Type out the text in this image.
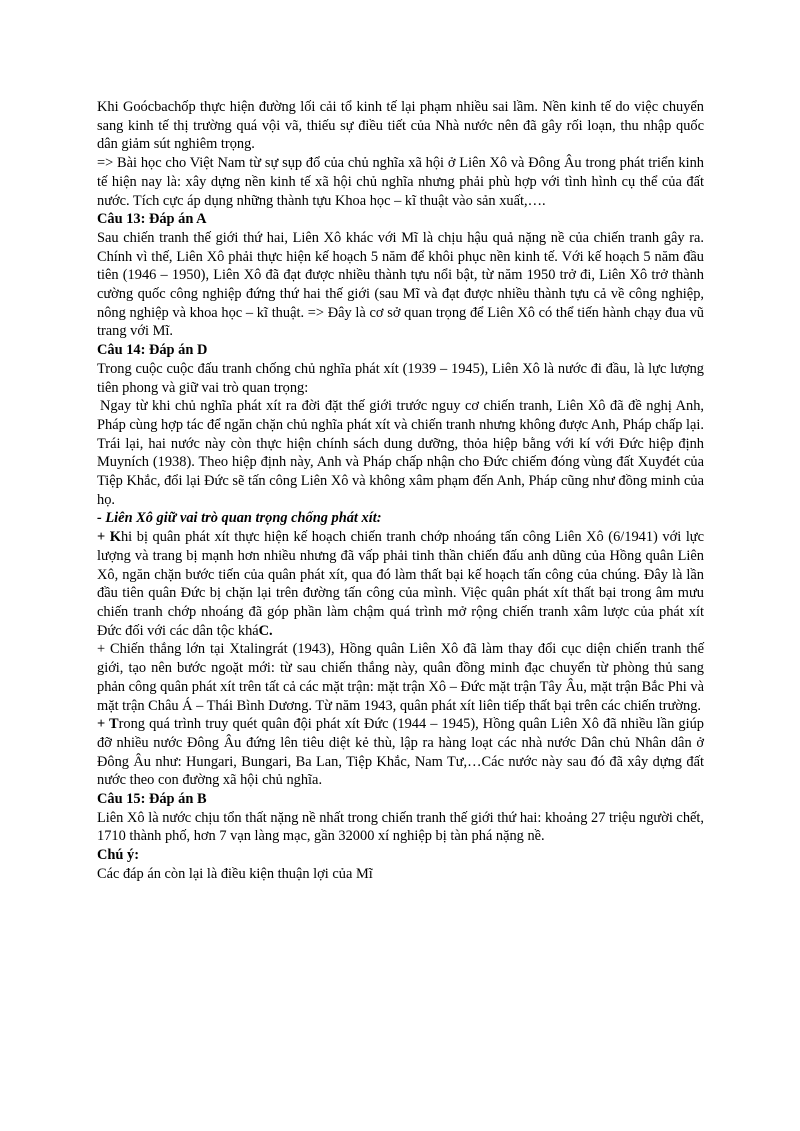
Khi Goócbachốp thực hiện đường lối cải tổ kinh tế lại phạm nhiều sai lầm. Nền kinh tế do việc chuyển sang kinh tế thị trường quá vội vã, thiếu sự điều tiết của Nhà nước nên đã gây rối loạn, thu nhập quốc dân giảm sút nghiêm trọng.

=> Bài học cho Việt Nam từ sự sụp đổ của chủ nghĩa xã hội ở Liên Xô và Đông Âu trong phát triển kinh tế hiện nay là: xây dựng nền kinh tế xã hội chủ nghĩa nhưng phải phù hợp với tình hình cụ thể của đất nước. Tích cực áp dụng những thành tựu Khoa học – kĩ thuật vào sản xuất,….

Câu 13: Đáp án A

Sau chiến tranh thế giới thứ hai, Liên Xô khác với Mĩ là chịu hậu quả nặng nề của chiến tranh gây ra. Chính vì thế, Liên Xô phải thực hiện kế hoạch 5 năm để khôi phục nền kinh tế. Với kế hoạch 5 năm đầu tiên (1946 – 1950), Liên Xô đã đạt được nhiều thành tựu nổi bật, từ năm 1950 trở đi, Liên Xô trở thành cường quốc công nghiệp đứng thứ hai thế giới (sau Mĩ và đạt được nhiều thành tựu cả về công nghiệp, nông nghiệp và khoa học – kĩ thuật. => Đây là cơ sở quan trọng để Liên Xô có thể tiến hành chạy đua vũ trang với Mĩ.

Câu 14: Đáp án D

Trong cuộc cuộc đấu tranh chống chủ nghĩa phát xít (1939 – 1945), Liên Xô là nước đi đầu, là lực lượng tiên phong và giữ vai trò quan trọng:

Ngay từ khi chủ nghĩa phát xít ra đời đặt thế giới trước nguy cơ chiến tranh, Liên Xô đã đề nghị Anh, Pháp cùng hợp tác để ngăn chặn chủ nghĩa phát xít và chiến tranh nhưng không được Anh, Pháp chấp lại. Trái lại, hai nước này còn thực hiện chính sách dung dưỡng, thỏa hiệp bằng với kí với Đức hiệp định Muyních (1938). Theo hiệp định này, Anh và Pháp chấp nhận cho Đức chiếm đóng vùng đất Xuyđét của Tiệp Khắc, đổi lại Đức sẽ tấn công Liên Xô và không xâm phạm đến Anh, Pháp cũng như đồng minh của họ.

- Liên Xô giữ vai trò quan trọng chống phát xít:

+ Khi bị quân phát xít thực hiện kế hoạch chiến tranh chớp nhoáng tấn công Liên Xô (6/1941) với lực lượng và trang bị mạnh hơn nhiều nhưng đã vấp phải tinh thần chiến đấu anh dũng của Hồng quân Liên Xô, ngăn chặn bước tiến của quân phát xít, qua đó làm thất bại kế hoạch tấn công của chúng. Đây là lần đầu tiên quân Đức bị chặn lại trên đường tấn công của mình. Việc quân phát xít thất bại trong âm mưu chiến tranh chớp nhoáng đã góp phần làm chậm quá trình mở rộng chiến tranh xâm lược của phát xít Đức đối với các dân tộc kháC.

+ Chiến thắng lớn tại Xtalingrát (1943), Hồng quân Liên Xô đã làm thay đổi cục diện chiến tranh thế giới, tạo nên bước ngoặt mới: từ sau chiến thắng này, quân đồng minh đạc chuyển từ phòng thủ sang phản công quân phát xít trên tất cả các mặt trận: mặt trận Xô – Đức mặt trận Tây Âu, mặt trận Bắc Phi và mặt trận Châu Á – Thái Bình Dương. Từ năm 1943, quân phát xít liên tiếp thất bại trên các chiến trường.

+ Trong quá trình truy quét quân đội phát xít Đức (1944 – 1945), Hồng quân Liên Xô đã nhiều lần giúp đỡ nhiều nước Đông Âu đứng lên tiêu diệt kẻ thù, lập ra hàng loạt các nhà nước Dân chủ Nhân dân ở Đông Âu như: Hungari, Bungari, Ba Lan, Tiệp Khắc, Nam Tư,…Các nước này sau đó đã xây dựng đất nước theo con đường xã hội chủ nghĩa.

Câu 15: Đáp án B

Liên Xô là nước chịu tổn thất nặng nề nhất trong chiến tranh thế giới thứ hai: khoảng 27 triệu người chết, 1710 thành phố, hơn 7 vạn làng mạc, gần 32000 xí nghiệp bị tàn phá nặng nề.

Chú ý:

Các đáp án còn lại là điều kiện thuận lợi của Mĩ
